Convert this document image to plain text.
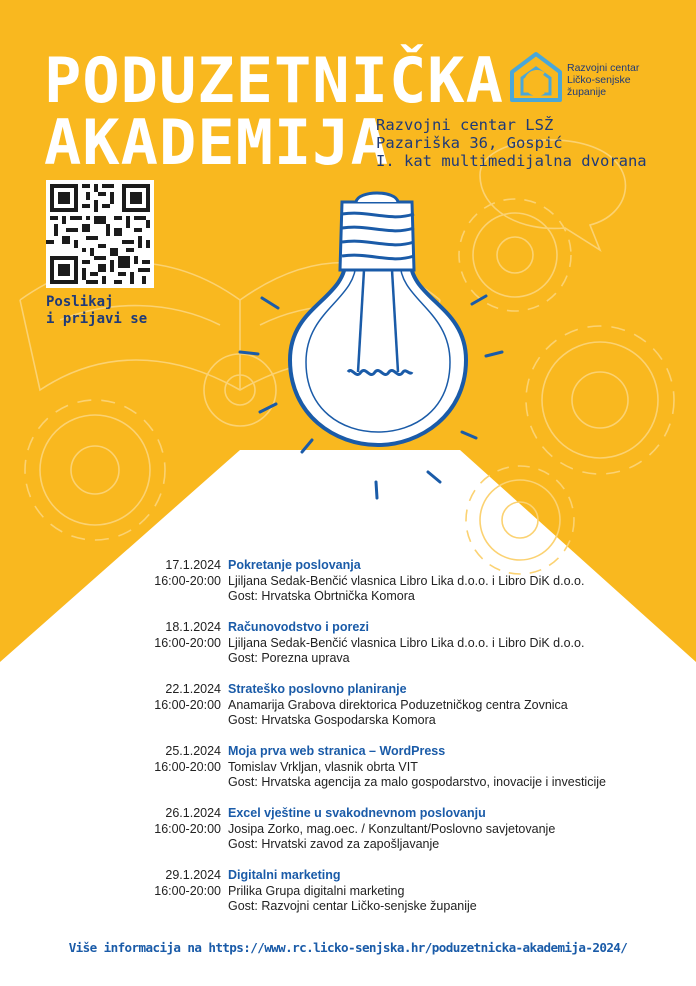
PODUZETNIČKA
AKADEMIJA
Razvojni centar
Ličko-senjske
županije
Razvojni centar LSŽ
Pazariška 36, Gospić
I. kat multimedijalna dvorana
Poslikaj
i prijavi se
17.1.2024
16:00-20:00
Pokretanje poslovanja
Ljiljana Sedak-Benčić vlasnica Libro Lika d.o.o. i Libro DiK d.o.o.
Gost: Hrvatska Obrtnička Komora
18.1.2024
16:00-20:00
Računovodstvo i porezi
Ljiljana Sedak-Benčić vlasnica Libro Lika d.o.o. i Libro DiK d.o.o.
Gost: Porezna uprava
22.1.2024
16:00-20:00
Strateško poslovno planiranje
Anamarija Grabova direktorica Poduzetničkog centra Zovnica
Gost: Hrvatska Gospodarska Komora
25.1.2024
16:00-20:00
Moja prva web stranica – WordPress
Tomislav Vrkljan, vlasnik obrta VIT
Gost: Hrvatska agencija za malo gospodarstvo, inovacije i investicije
26.1.2024
16:00-20:00
Excel vještine u svakodnevnom poslovanju
Josipa Zorko, mag.oec. / Konzultant/Poslovno savjetovanje
Gost: Hrvatski zavod za zapošljavanje
29.1.2024
16:00-20:00
Digitalni marketing
Prilika Grupa digitalni marketing
Gost: Razvojni centar Ličko-senjske županije
Više informacija na https://www.rc.licko-senjska.hr/poduzetnicka-akademija-2024/
